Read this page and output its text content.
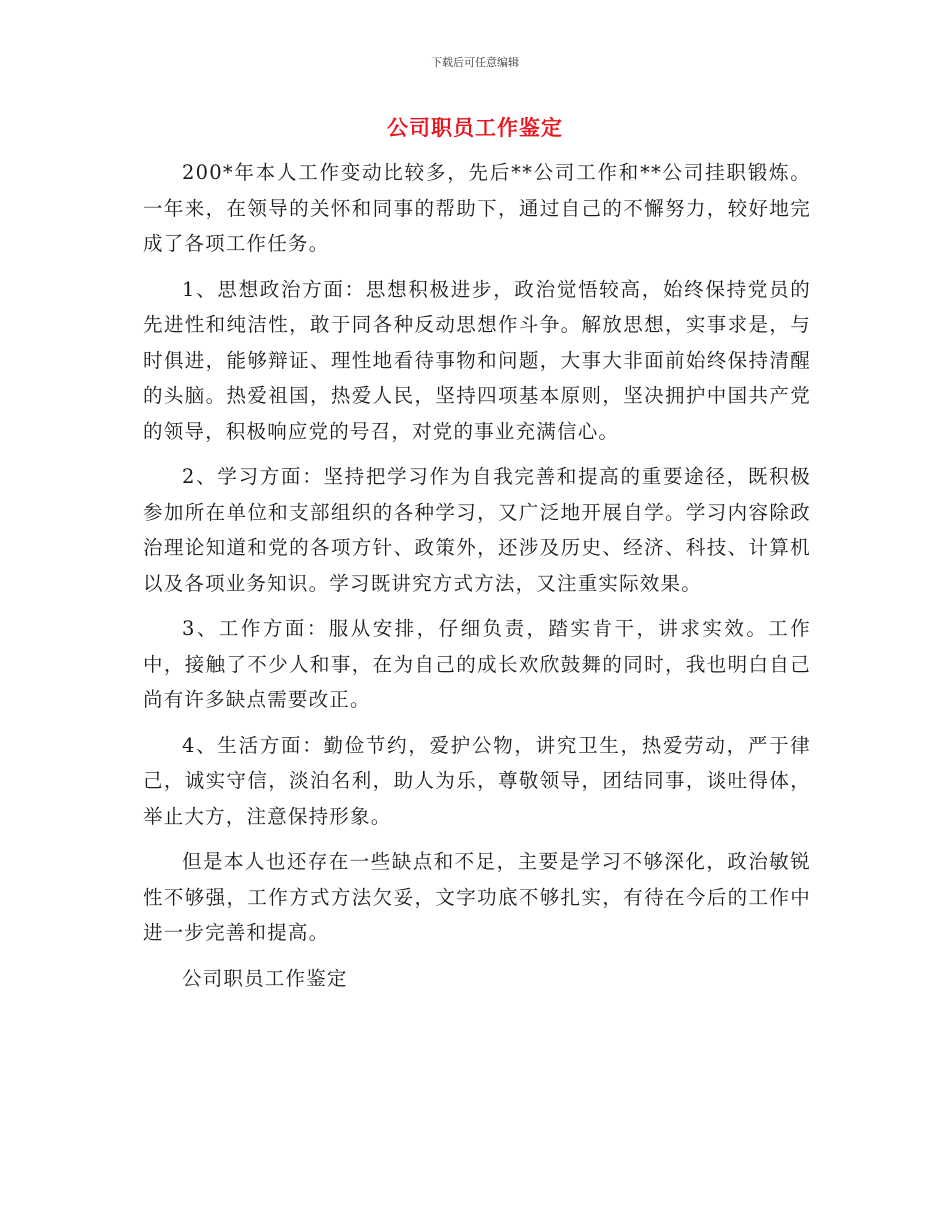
下载后可任意编辑
公司职员工作鉴定

200*年本人工作变动比较多，先后**公司工作和**公司挂职锻炼。一年来，在领导的关怀和同事的帮助下，通过自己的不懈努力，较好地完成了各项工作任务。

1、思想政治方面：思想积极进步，政治觉悟较高，始终保持党员的先进性和纯洁性，敢于同各种反动思想作斗争。解放思想，实事求是，与时俱进，能够辩证、理性地看待事物和问题，大事大非面前始终保持清醒的头脑。热爱祖国，热爱人民，坚持四项基本原则，坚决拥护中国共产党的领导，积极响应党的号召，对党的事业充满信心。

2、学习方面：坚持把学习作为自我完善和提高的重要途径，既积极参加所在单位和支部组织的各种学习，又广泛地开展自学。学习内容除政治理论知道和党的各项方针、政策外，还涉及历史、经济、科技、计算机以及各项业务知识。学习既讲究方式方法，又注重实际效果。

3、工作方面：服从安排，仔细负责，踏实肯干，讲求实效。工作中，接触了不少人和事，在为自己的成长欢欣鼓舞的同时，我也明白自己尚有许多缺点需要改正。

4、生活方面：勤俭节约，爱护公物，讲究卫生，热爱劳动，严于律己，诚实守信，淡泊名利，助人为乐，尊敬领导，团结同事，谈吐得体，举止大方，注意保持形象。

但是本人也还存在一些缺点和不足，主要是学习不够深化，政治敏锐性不够强，工作方式方法欠妥，文字功底不够扎实，有待在今后的工作中进一步完善和提高。

公司职员工作鉴定
